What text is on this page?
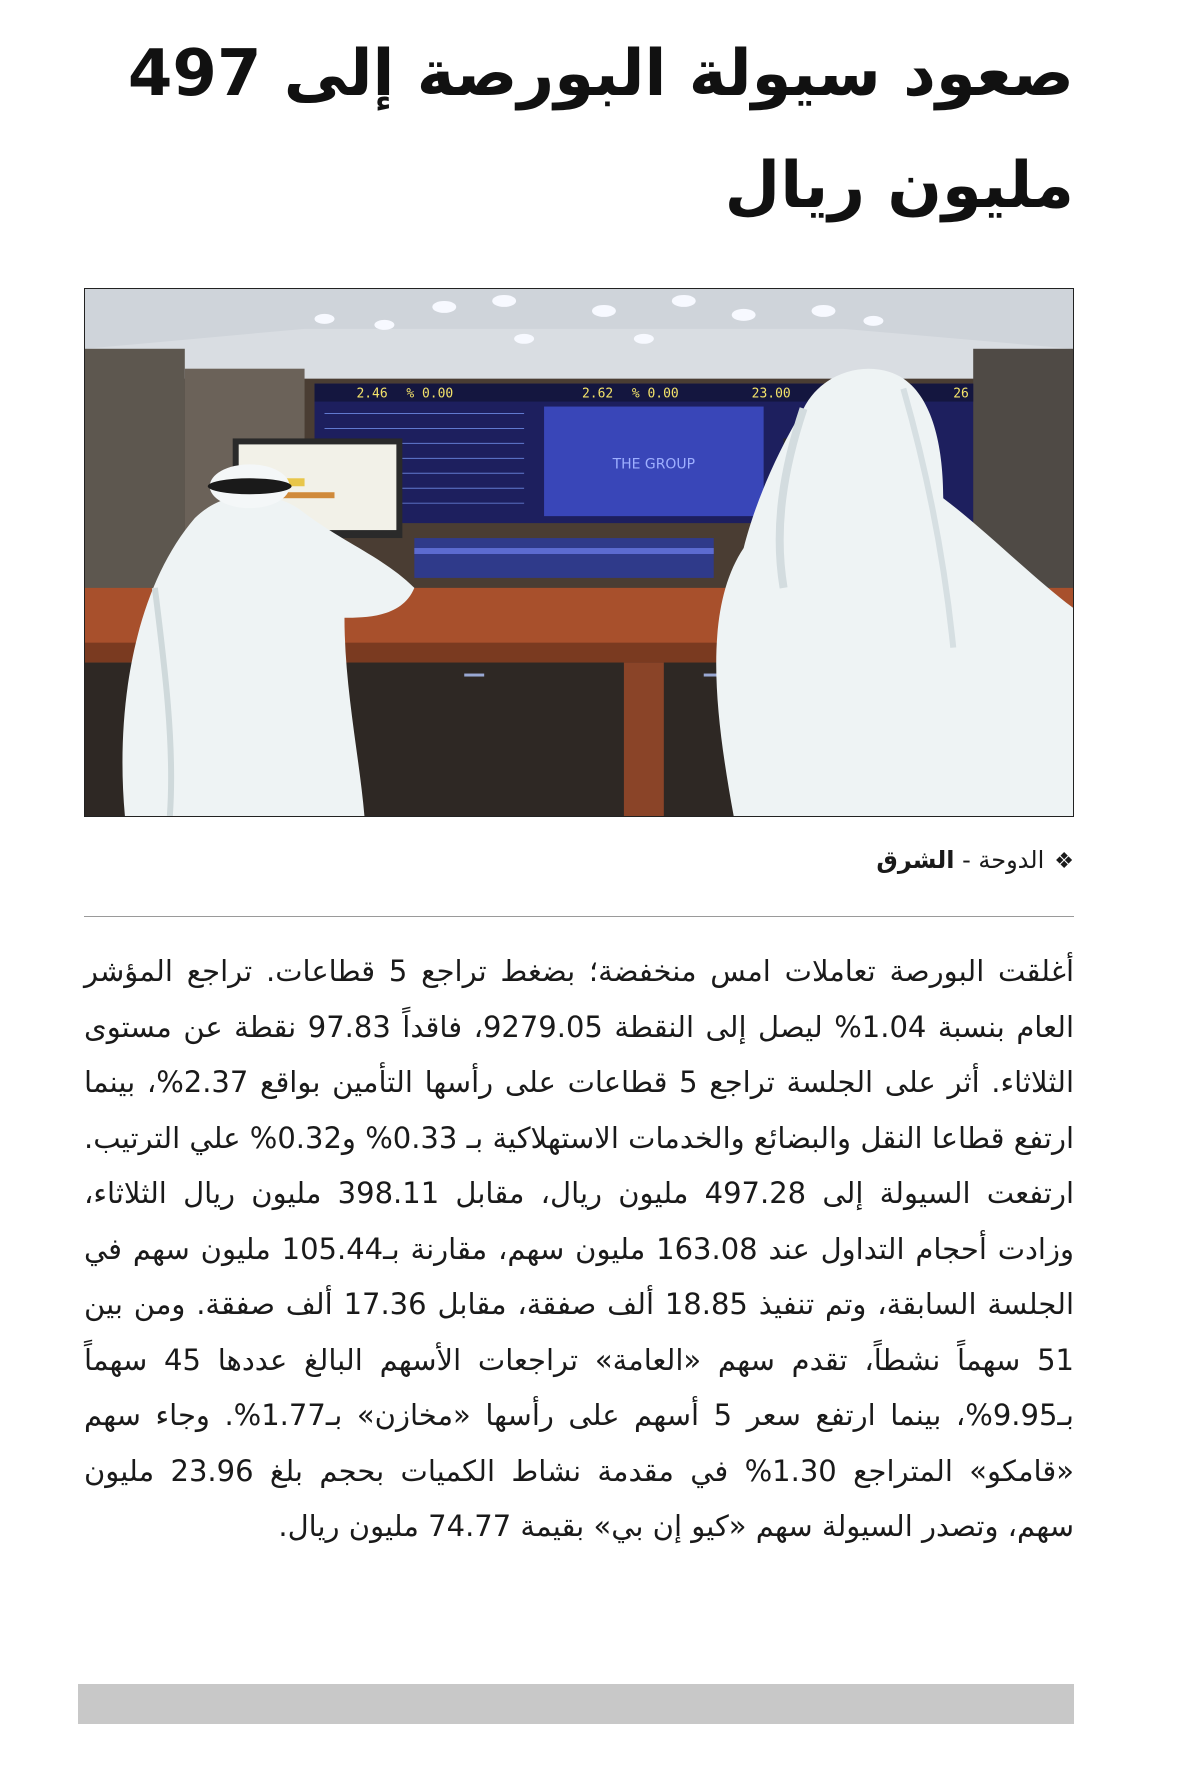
صعود سيولة البورصة إلى 497 مليون ريال
2.46 % 0.00	2.62 % 0.00	23.00	26
THE GROUP
❖الدوحة - الشرق

أغلقت البورصة تعاملات امس منخفضة؛ بضغط تراجع 5 قطاعات. تراجع المؤشر العام بنسبة 1.04% ليصل إلى النقطة 9279.05، فاقداً 97.83 نقطة عن مستوى الثلاثاء. أثر على الجلسة تراجع 5 قطاعات على رأسها التأمين بواقع 2.37%، بينما ارتفع قطاعا النقل والبضائع والخدمات الاستهلاكية بـ 0.33% و0.32% علي الترتيب. ارتفعت السيولة إلى 497.28 مليون ريال، مقابل 398.11 مليون ريال الثلاثاء، وزادت أحجام التداول عند 163.08 مليون سهم، مقارنة بـ105.44 مليون سهم في الجلسة السابقة، وتم تنفيذ 18.85 ألف صفقة، مقابل 17.36 ألف صفقة. ومن بين 51 سهماً نشطاً، تقدم سهم «العامة» تراجعات الأسهم البالغ عددها 45 سهماً بـ9.95%، بينما ارتفع سعر 5 أسهم على رأسها «مخازن» بـ1.77%. وجاء سهم «قامكو» المتراجع 1.30% في مقدمة نشاط الكميات بحجم بلغ 23.96 مليون سهم، وتصدر السيولة سهم «كيو إن بي» بقيمة 74.77 مليون ريال.
